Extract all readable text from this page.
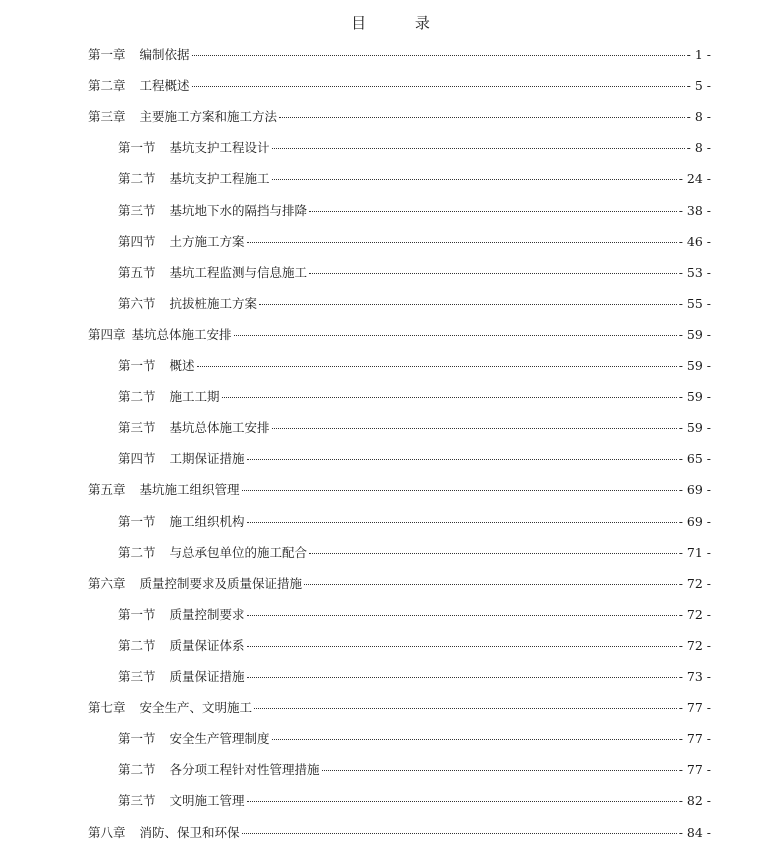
目 录
第一章 编制依据	- 1 -
第二章 工程概述	- 5 -
第三章 主要施工方案和施工方法	- 8 -
第一节 基坑支护工程设计	- 8 -
第二节 基坑支护工程施工	- 24 -
第三节 基坑地下水的隔挡与排降	- 38 -
第四节 土方施工方案	- 46 -
第五节 基坑工程监测与信息施工	- 53 -
第六节 抗拔桩施工方案	- 55 -
第四章 基坑总体施工安排	- 59 -
第一节 概述	- 59 -
第二节 施工工期	- 59 -
第三节 基坑总体施工安排	- 59 -
第四节 工期保证措施	- 65 -
第五章 基坑施工组织管理	- 69 -
第一节 施工组织机构	- 69 -
第二节 与总承包单位的施工配合	- 71 -
第六章 质量控制要求及质量保证措施	- 72 -
第一节 质量控制要求	- 72 -
第二节 质量保证体系	- 72 -
第三节 质量保证措施	- 73 -
第七章 安全生产、文明施工	- 77 -
第一节 安全生产管理制度	- 77 -
第二节 各分项工程针对性管理措施	- 77 -
第三节 文明施工管理	- 82 -
第八章 消防、保卫和环保	- 84 -
